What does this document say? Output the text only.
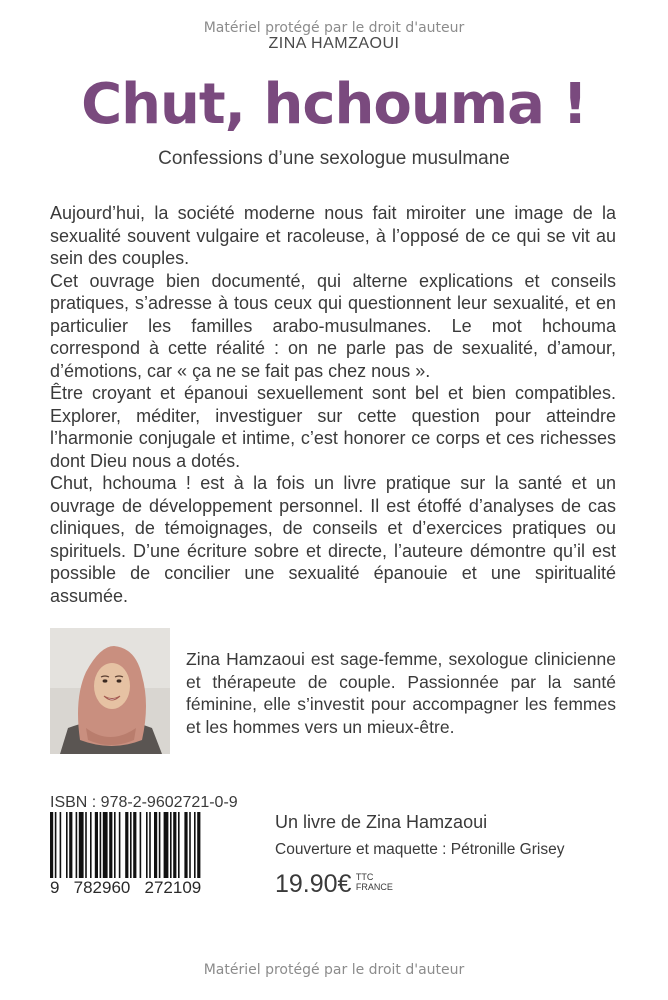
Matériel protégé par le droit d'auteur
ZINA HAMZAOUI
Chut, hchouma !
Confessions d’une sexologue musulmane

Aujourd’hui, la société moderne nous fait miroiter une image de la sexualité souvent vulgaire et racoleuse, à l’opposé de ce qui se vit au sein des couples.

Cet ouvrage bien documenté, qui alterne explications et conseils pratiques, s’adresse à tous ceux qui questionnent leur sexualité, et en particulier les familles arabo-musulmanes. Le mot hchouma correspond à cette réalité : on ne parle pas de sexualité, d’amour, d’émotions, car « ça ne se fait pas chez nous ».

Être croyant et épanoui sexuellement sont bel et bien compatibles. Explorer, méditer, investiguer sur cette question pour atteindre l’harmonie conjugale et intime, c’est honorer ce corps et ces richesses dont Dieu nous a dotés.

Chut, hchouma ! est à la fois un livre pratique sur la santé et un ouvrage de développement personnel. Il est étoffé d’analyses de cas cliniques, de témoignages, de conseils et d’exercices pratiques ou spirituels. D’une écriture sobre et directe, l’auteure démontre qu’il est possible de concilier une sexualité épanouie et une spiritualité assumée.

Zina Hamzaoui est sage-femme, sexologue clinicienne et thérapeute de couple. Passionnée par la santé féminine, elle s’investit pour accompagner les femmes et les hommes vers un mieux-être.
ISBN : 978-2-9602721-0-9
9   782960   272109
Un livre de Zina Hamzaoui
Couverture et maquette : Pétronille Grisey
19.90€ TTC
FRANCE
Matériel protégé par le droit d'auteur
